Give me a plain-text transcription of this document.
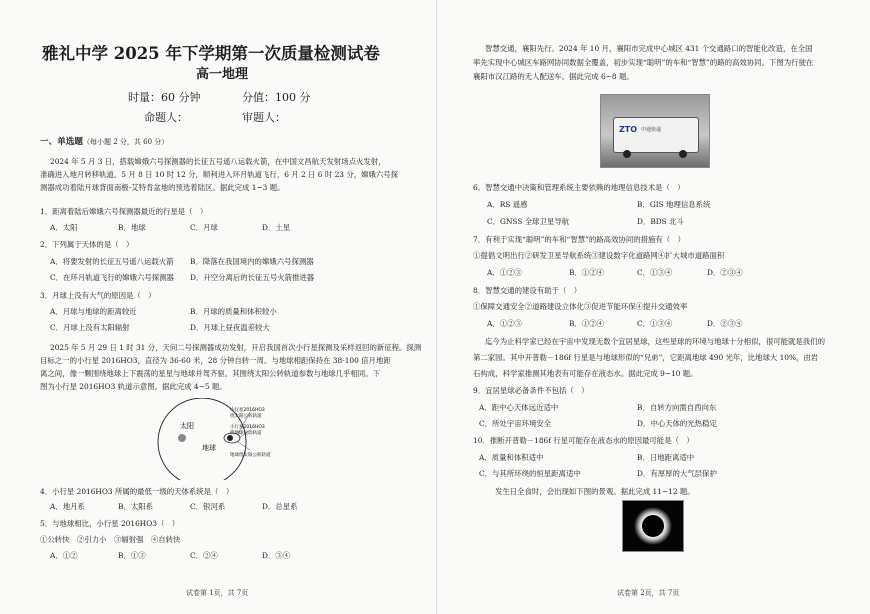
雅礼中学 2025 年下学期第一次质量检测试卷
高一地理
时量：60 分钟	分值：100 分
命题人：	审题人：
一、单选题（每小题 2 分，共 60 分）
2024 年 5 月 3 日，搭载嫦娥六号探测器的长征五号遥八运载火箭，在中国文昌航天发射场点火发射，
准确进入地月转移轨道。5 月 8 日 10 时 12 分，顺利进入环月轨道飞行，6 月 2 日 6 时 23 分，嫦娥六号探
测器成功着陆月球背面南极-艾特肯盆地的预选着陆区。据此完成 1~3 题。
1．距离着陆后嫦娥六号探测器最近的行星是（　）
A．太阳	B．地球	C．月球	D．土星
2．下列属于天体的是（　）
A．将要发射的长征五号遥八运载火箭 B．降落在我国境内的嫦娥六号探测器
C．在环月轨道飞行的嫦娥六号探测器 D．升空分离后的长征五号火箭推进器
3．月球上没有大气的原因是（　）
A．月球与地球的距离较近	B．月球的质量和体积较小
C．月球上没有太阳辐射	D．月球上昼夜温差较大
2025 年 5 月 29 日 1 时 31 分，天问二号探测器成功发射，开启我国首次小行星探测及采样返回的新征程。探测
目标之一的小行星 2016HO3，直径为 36-60 米，28 分钟自转一周。与地球相距保持在 38-100 倍月地距
离之间，像一颗围绕地球上下震荡的星星与地球并驾齐驱。其围绕太阳公转轨道参数与地球几乎相同。下
图为小行星 2016HO3 轨道示意图。据此完成 4~5 题。
太阳
地球
小行星2016HO3
绕太阳公转轨道
小行星2016HO3
绕地球运动轨道
地球绕太阳公转轨道
4．小行星 2016HO3 所属的最低一级的天体系统是（　）
A．地月系	B．太阳系	C．银河系	D．总星系
5．与地球相比，小行星 2016HO3（　）
①公转快　②引力小　③辐射强　④自转快
A．①②	B．①③	C．②④	D．③④
试卷第 1页，共 7页
智慧交通，襄阳先行。2024 年 10 月，襄阳市完成中心城区 431 个交通路口的智能化改造，在全国
率先实现中心城区车路网协同数据全覆盖，初步实现“聪明”的车和“智慧”的路的高效协同。下图为行驶在
襄阳市汉江路的无人配送车。据此完成 6~8 题。
ZTO 中通快递
6．智慧交通中决策和管理系统主要依赖的地理信息技术是（　）
A．RS 遥感	B．GIS 地理信息系统
C．GNSS 全球卫星导航	D．BDS 北斗
7．有利于实现“聪明”的车和“智慧”的路高效协同的措施有（　）
①提倡文明出行②研发卫星导航系统③建设数字化道路网④扩大城市道路面积
A．①②③	B．①②④	C．①③④	D．②③④
8．智慧交通的建设有助于（　）
①保障交通安全②道路建设立体化③促进节能环保④提升交通效率
A．①②③	B．①②④	C．①③④	D．②③④
迄今为止科学家已经在宇宙中发现无数个宜居星球，这些星球的环境与地球十分相似，很可能就是我们的
第二家园。其中开普勒－186f 行星是与地球形似的“兄弟”，它距离地球 490 光年，比地球大 10%，由岩
石构成，科学家推测其地表有可能存在液态水。据此完成 9~10 题。
9．宜居星球必备条件不包括（　）
A．距中心天体远近适中	B．自转方向需自西向东
C．所处宇宙环境安全	D．中心天体的光热稳定
10．推断开普勒－186f 行星可能存在液态水的原因最可能是（　）
A．质量和体积适中	B．日地距离适中
C．与其所环绕的恒星距离适中	D．有厚厚的大气层保护
发生日全食时，会出现如下图的景观。据此完成 11~12 题。
试卷第 2页，共 7页
